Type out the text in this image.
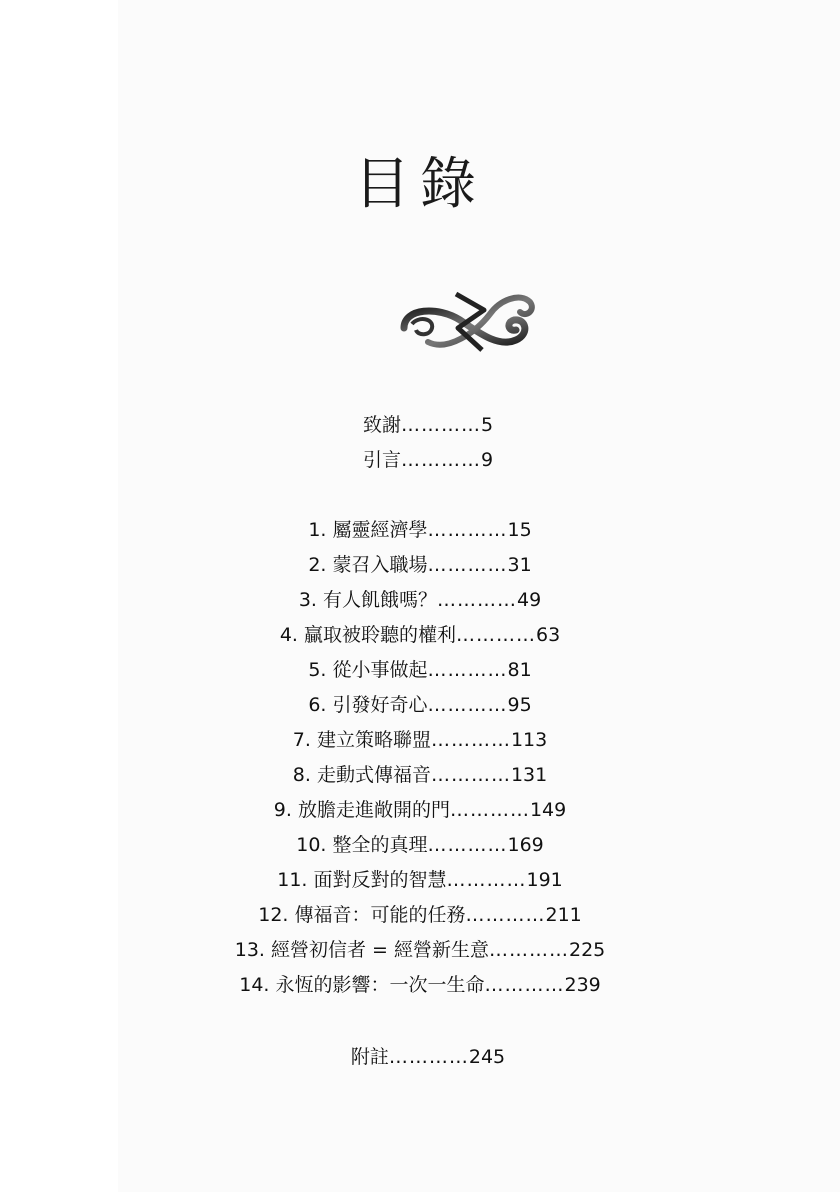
目錄
致謝…………5
引言…………9
1. 屬靈經濟學…………15
2. 蒙召入職場…………31
3. 有人飢餓嗎？…………49
4. 贏取被聆聽的權利…………63
5. 從小事做起…………81
6. 引發好奇心…………95
7. 建立策略聯盟…………113
8. 走動式傳福音…………131
9. 放膽走進敞開的門…………149
10. 整全的真理…………169
11. 面對反對的智慧…………191
12. 傳福音：可能的任務…………211
13. 經營初信者 = 經營新生意…………225
14. 永恆的影響：一次一生命…………239
附註…………245
